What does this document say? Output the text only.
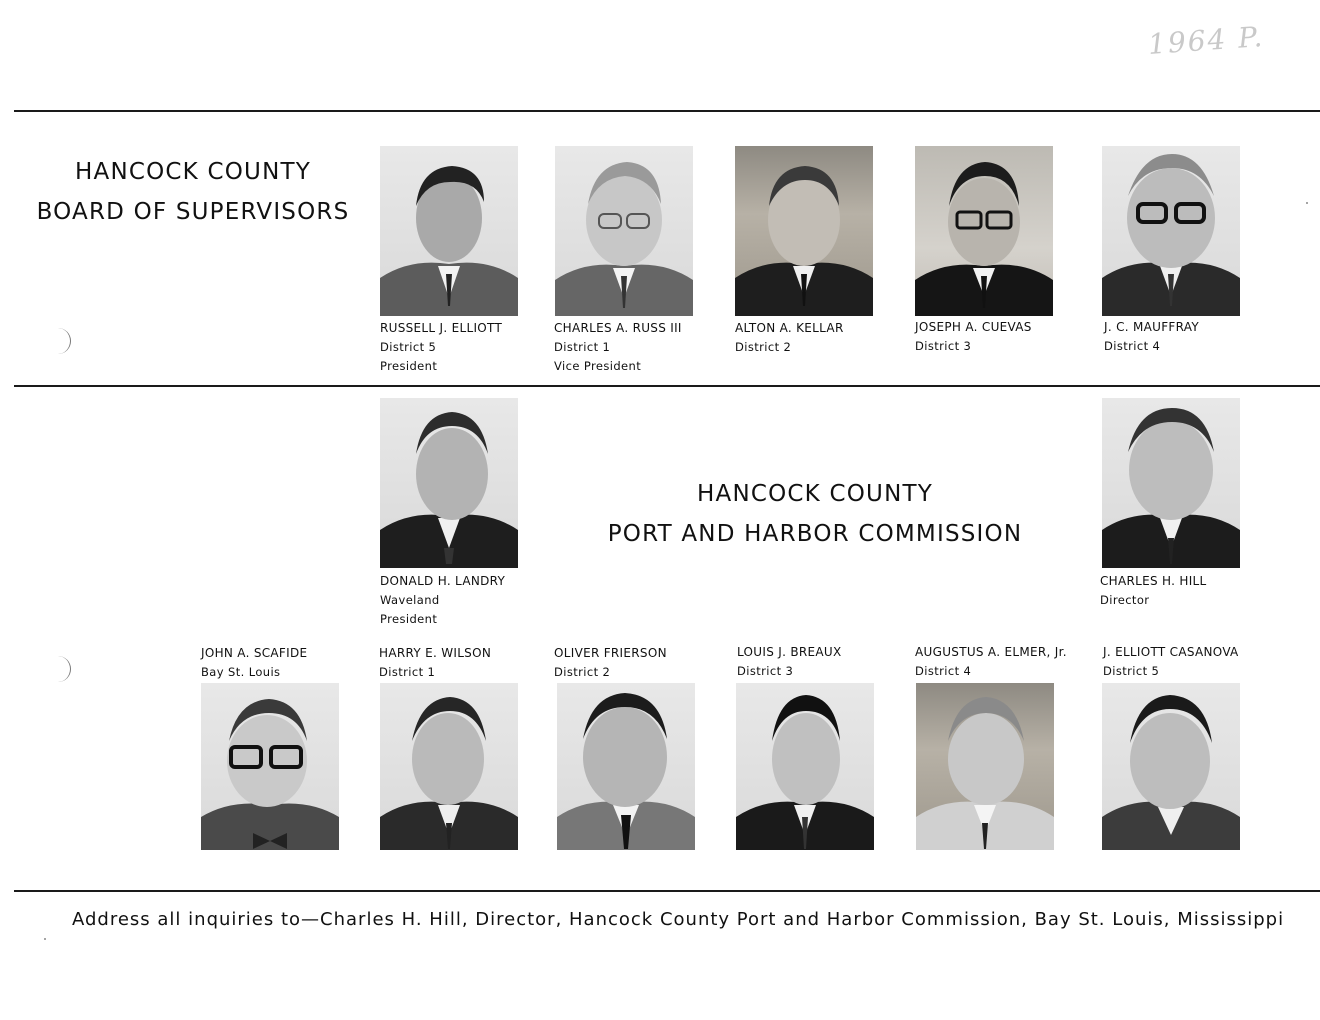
1964 P.
HANCOCK COUNTY
BOARD OF SUPERVISORS
HANCOCK COUNTY
PORT AND HARBOR COMMISSION
RUSSELL J. ELLIOTT
District 5
President
CHARLES A. RUSS III
District 1
Vice President
ALTON A. KELLAR
District 2
JOSEPH A. CUEVAS
District 3
J. C. MAUFFRAY
District 4
DONALD H. LANDRY
Waveland
President
CHARLES H. HILL
Director
JOHN A. SCAFIDE
Bay St. Louis
HARRY E. WILSON
District 1
OLIVER FRIERSON
District 2
LOUIS J. BREAUX
District 3
AUGUSTUS A. ELMER, Jr.
District 4
J. ELLIOTT CASANOVA
District 5
Address all inquiries to—Charles H. Hill, Director, Hancock County Port and Harbor Commission, Bay St. Louis, Mississippi
